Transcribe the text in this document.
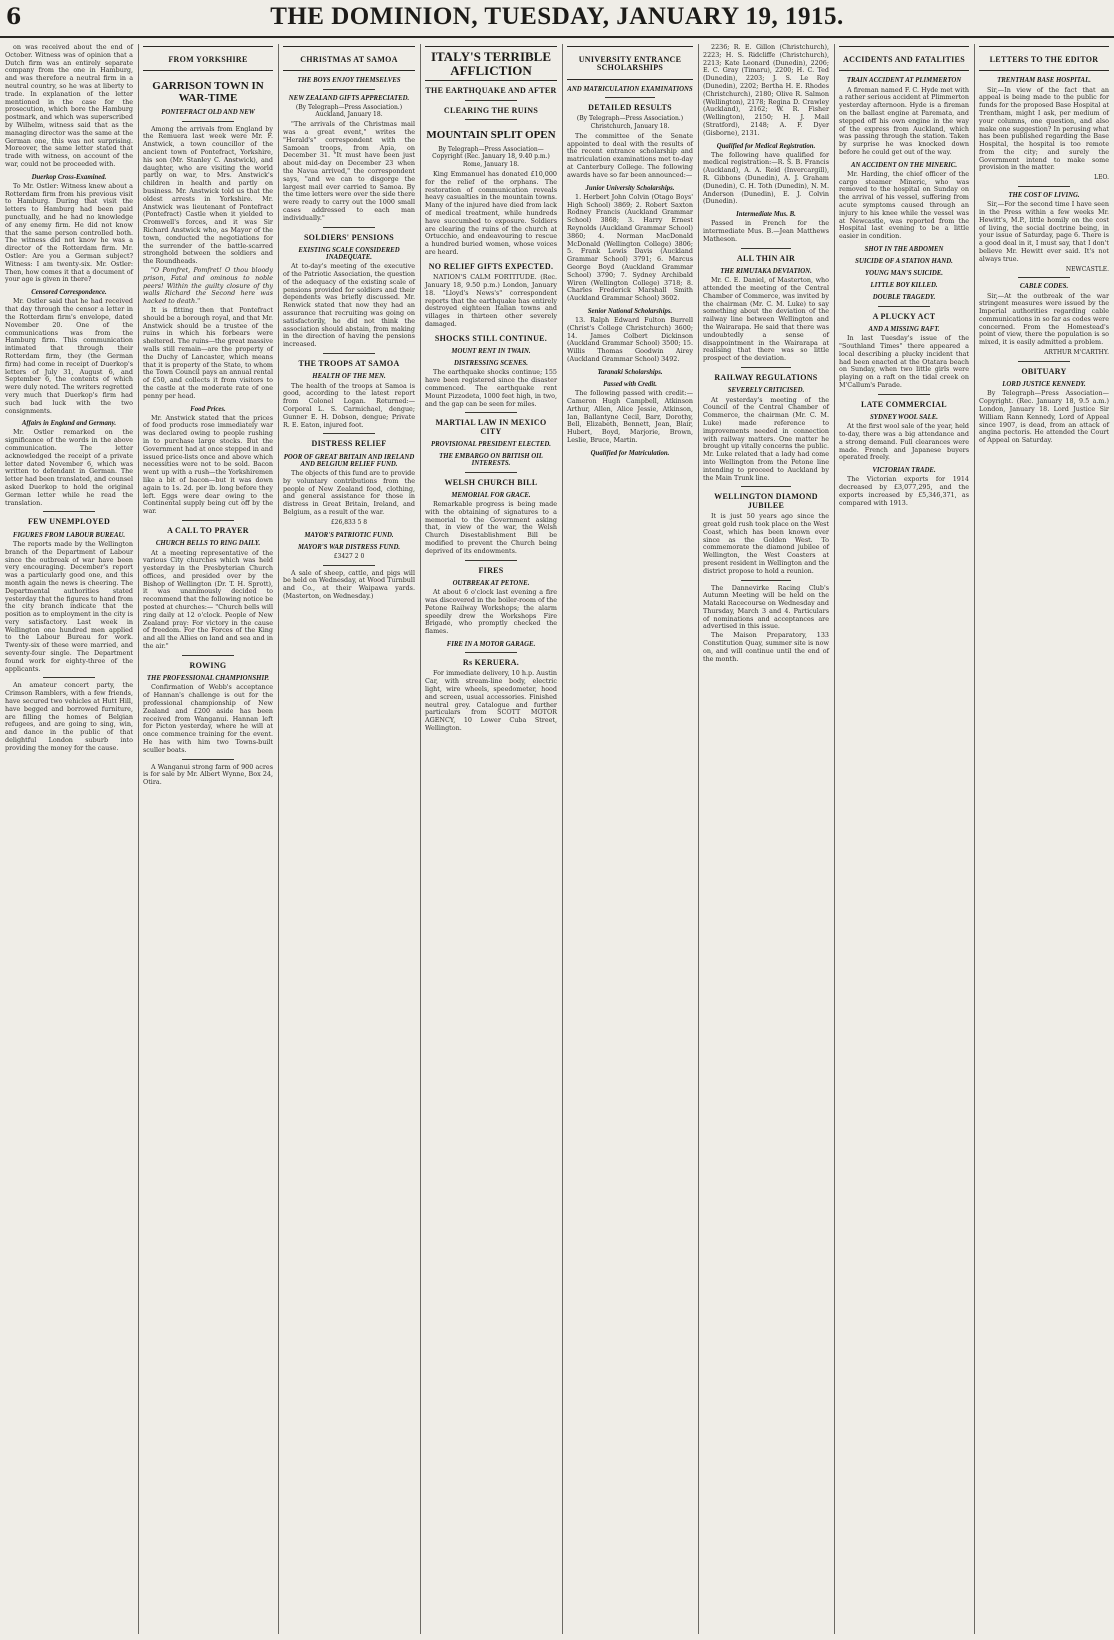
6	THE DOMINION, TUESDAY, JANUARY 19, 1915.

on was received about the end of October. Witness was of opinion that a Dutch firm was an entirely separate company from the one in Hamburg, and was therefore a neutral firm in a neutral country, so he was at liberty to trade. In explanation of the letter mentioned in the case for the prosecution, which bore the Hamburg postmark, and which was superscribed by Wilhelm, witness said that as the managing director was the same at the German one, this was not surprising. Moreover, the same letter stated that trade with witness, on account of the war, could not be proceeded with.

Duerkop Cross-Examined.

To Mr. Ostler: Witness knew about a Rotterdam firm from his previous visit to Hamburg. During that visit the letters to Hamburg had been paid punctually, and he had no knowledge of any enemy firm. He did not know that the same person controlled both. The witness did not know he was a director of the Rotterdam firm. Mr. Ostler: Are you a German subject? Witness: I am twenty-six. Mr. Ostler: Then, how comes it that a document of your age is given in there?

Censored Correspondence.

Mr. Ostler said that he had received that day through the censor a letter in the Rotterdam firm's envelope, dated November 20. One of the communications was from the Hamburg firm. This communication intimated that through their Rotterdam firm, they (the German firm) had come in receipt of Duerkop's letters of July 31, August 6, and September 6, the contents of which were duly noted. The writers regretted very much that Duerkop's firm had such bad luck with the two consignments.

Affairs in England and Germany.

Mr. Ostler remarked on the significance of the words in the above communication. The letter acknowledged the receipt of a private letter dated November 6, which was written to defendant in German. The letter had been translated, and counsel asked Duerkop to hold the original German letter while he read the translation.

FEW UNEMPLOYED
FIGURES FROM LABOUR BUREAU.

The reports made by the Wellington branch of the Department of Labour since the outbreak of war have been very encouraging. December's report was a particularly good one, and this month again the news is cheering. The Departmental authorities stated yesterday that the figures to hand from the city branch indicate that the position as to employment in the city is very satisfactory. Last week in Wellington one hundred men applied to the Labour Bureau for work. Twenty-six of these were married, and seventy-four single. The Department found work for eighty-three of the applicants.

An amateur concert party, the Crimson Ramblers, with a few friends, have secured two vehicles at Hutt Hill, have begged and borrowed furniture, are filling the homes of Belgian refugees, and are going to sing, win, and dance in the public of that delightful London suburb into providing the money for the cause.

FROM YORKSHIRE
GARRISON TOWN IN WAR-TIME
PONTEFRACT OLD AND NEW

Among the arrivals from England by the Remuera last week were Mr. F. Anstwick, a town councillor of the ancient town of Pontefract, Yorkshire, his son (Mr. Stanley C. Anstwick), and daughter, who are visiting the world partly on war, to Mrs. Anstwick's children in health and partly on business. Mr. Anstwick told us that the oldest arrests in Yorkshire. Mr. Anstwick was lieutenant of Pontefract (Pontefract) Castle when it yielded to Cromwell's forces, and it was Sir Richard Anstwick who, as Mayor of the town, conducted the negotiations for the surrender of the battle-scarred stronghold between the soldiers and the Roundheads.

"O Pomfret, Pomfret! O thou bloody prison, Fatal and ominous to noble peers! Within the guilty closure of thy walls Richard the Second here was hacked to death."

It is fitting then that Pontefract should be a borough royal, and that Mr. Anstwick should be a trustee of the ruins in which his forbears were sheltered. The ruins—the great massive walls still remain—are the property of the Duchy of Lancaster, which means that it is property of the State, to whom the Town Council pays an annual rental of £50, and collects it from visitors to the castle at the moderate rate of one penny per head.

Food Prices.

Mr. Anstwick stated that the prices of food products rose immediately war was declared owing to people rushing in to purchase large stocks. But the Government had at once stepped in and issued price-lists once and above which necessities were not to be sold. Bacon went up with a rush—the Yorkshiremen like a bit of bacon—but it was down again to 1s. 2d. per lb. long before they left. Eggs were dear owing to the Continental supply being cut off by the war.

A CALL TO PRAYER
CHURCH BELLS TO RING DAILY.

At a meeting representative of the various City churches which was held yesterday in the Presbyterian Church offices, and presided over by the Bishop of Wellington (Dr. T. H. Sprott), it was unanimously decided to recommend that the following notice be posted at churches:— "Church bells will ring daily at 12 o'clock. People of New Zealand pray: For victory in the cause of freedom. For the Forces of the King and all the Allies on land and sea and in the air."

ROWING
THE PROFESSIONAL CHAMPIONSHIP.

Confirmation of Webb's acceptance of Hannan's challenge is out for the professional championship of New Zealand and £200 aside has been received from Wanganui. Hannan left for Picton yesterday, where he will at once commence training for the event. He has with him two Towns-built sculler boats.

A Wanganui strong farm of 900 acres is for sale by Mr. Albert Wynne, Box 24, Otira.

CHRISTMAS AT SAMOA
THE BOYS ENJOY THEMSELVES
NEW ZEALAND GIFTS APPRECIATED.
(By Telegraph—Press Association.) Auckland, January 18.

"The arrivals of the Christmas mail was a great event," writes the "Herald's" correspondent with the Samoan troops, from Apia, on December 31. "It must have been just about mid-day on December 23 when the Navua arrived," the correspondent says, "and we can to disgorge the largest mail ever carried to Samoa. By the time letters were over the side there were ready to carry out the 1000 small cases addressed to each man individually."

SOLDIERS' PENSIONS
EXISTING SCALE CONSIDERED INADEQUATE.

At to-day's meeting of the executive of the Patriotic Association, the question of the adequacy of the existing scale of pensions provided for soldiers and their dependents was briefly discussed. Mr. Renwick stated that now they had an assurance that recruiting was going on satisfactorily, he did not think the association should abstain, from making in the direction of having the pensions increased.

THE TROOPS AT SAMOA
HEALTH OF THE MEN.

The health of the troops at Samoa is good, according to the latest report from Colonel Logan. Returned:—Corporal L. S. Carmichael, dengue; Gunner E. H. Dobson, dengue; Private R. E. Eaton, injured foot.

DISTRESS RELIEF
POOR OF GREAT BRITAIN AND IRELAND AND BELGIUM RELIEF FUND.

The objects of this fund are to provide by voluntary contributions from the people of New Zealand food, clothing, and general assistance for those in distress in Great Britain, Ireland, and Belgium, as a result of the war.

£26,833 5 8
MAYOR'S PATRIOTIC FUND.
MAYOR'S WAR DISTRESS FUND.
£3427 2 0

A sale of sheep, cattle, and pigs will be held on Wednesday, at Wood Turnbull and Co., at their Waipawa yards. (Masterton, on Wednesday.)

ITALY'S TERRIBLE AFFLICTION
THE EARTHQUAKE AND AFTER
CLEARING THE RUINS
MOUNTAIN SPLIT OPEN
By Telegraph—Press Association—Copyright (Rec. January 18, 9.40 p.m.) Rome, January 18.

King Emmanuel has donated £10,000 for the relief of the orphans. The restoration of communication reveals heavy casualties in the mountain towns. Many of the injured have died from lack of medical treatment, while hundreds have succumbed to exposure. Soldiers are clearing the ruins of the church at Ortucchio, and endeavouring to rescue a hundred buried women, whose voices are heard.

NO RELIEF GIFTS EXPECTED.

NATION'S CALM FORTITUDE. (Rec. January 18, 9.50 p.m.) London, January 18. "Lloyd's News's" correspondent reports that the earthquake has entirely destroyed eighteen Italian towns and villages in thirteen other severely damaged.

SHOCKS STILL CONTINUE.
MOUNT RENT IN TWAIN.
DISTRESSING SCENES.

The earthquake shocks continue; 155 have been registered since the disaster commenced. The earthquake rent Mount Pizzodeta, 1000 feet high, in two, and the gap can be seen for miles.

MARTIAL LAW IN MEXICO CITY
PROVISIONAL PRESIDENT ELECTED.
THE EMBARGO ON BRITISH OIL INTERESTS.
WELSH CHURCH BILL
MEMORIAL FOR GRACE.

Remarkable progress is being made with the obtaining of signatures to a memorial to the Government asking that, in view of the war, the Welsh Church Disestablishment Bill be modified to prevent the Church being deprived of its endowments.

FIRES
OUTBREAK AT PETONE.

At about 6 o'clock last evening a fire was discovered in the boiler-room of the Petone Railway Workshops; the alarm speedily drew the Workshops Fire Brigade, who promptly checked the flames.

FIRE IN A MOTOR GARAGE.
Rs KERUERA.

For immediate delivery, 10 h.p. Austin Car, with stream-line body, electric light, wire wheels, speedometer, hood and screen, usual accessories. Finished neutral grey. Catalogue and further particulars from SCOTT MOTOR AGENCY, 10 Lower Cuba Street, Wellington.

UNIVERSITY ENTRANCE SCHOLARSHIPS
AND MATRICULATION EXAMINATIONS
DETAILED RESULTS
(By Telegraph—Press Association.) Christchurch, January 18.

The committee of the Senate appointed to deal with the results of the recent entrance scholarship and matriculation examinations met to-day at Canterbury College. The following awards have so far been announced:—

Junior University Scholarships.

1. Herbert John Colvin (Otago Boys' High School) 3869; 2. Robert Saxton Rodney Francis (Auckland Grammar School) 3868; 3. Harry Ernest Reynolds (Auckland Grammar School) 3860; 4. Norman MacDonald McDonald (Wellington College) 3806; 5. Frank Lewis Davis (Auckland Grammar School) 3791; 6. Marcus George Boyd (Auckland Grammar School) 3790; 7. Sydney Archibald Wiren (Wellington College) 3718; 8. Charles Frederick Marshall Smith (Auckland Grammar School) 3602.

Senior National Scholarships.

13. Ralph Edward Fulton Burrell (Christ's College Christchurch) 3600; 14. James Colbert Dickinson (Auckland Grammar School) 3500; 15. Willis Thomas Goodwin Airey (Auckland Grammar School) 3492.

Taranaki Scholarships.
Passed with Credit.

The following passed with credit:—Cameron Hugh Campbell, Atkinson Arthur, Allen, Alice Jessie, Atkinson, Ian, Ballantyne Cecil, Barr, Dorothy, Bell, Elizabeth, Bennett, Jean, Blair, Hubert, Boyd, Marjorie, Brown, Leslie, Bruce, Martin.

Qualified for Matriculation.

2236; R. E. Gillon (Christchurch), 2223; H. S. Ridcliffe (Christchurch), 2213; Kate Leonard (Dunedin), 2206; E. C. Gray (Timaru), 2200; H. C. Ted (Dunedin), 2203; J. S. Le Roy (Dunedin), 2202; Bertha H. E. Rhodes (Christchurch), 2180; Olive R. Salmon (Wellington), 2178; Regina D. Crawley (Auckland), 2162; W. R. Fisher (Wellington), 2150; H. J. Mail (Stratford), 2148; A. F. Dyer (Gisborne), 2131.

Qualified for Medical Registration.

The following have qualified for medical registration:—R. S. B. Francis (Auckland), A. A. Reid (Invercargill), R. Gibbons (Dunedin), A. J. Graham (Dunedin), C. H. Toth (Dunedin), N. M. Anderson (Dunedin), E. J. Colvin (Dunedin).

Intermediate Mus. B.

Passed in French for the intermediate Mus. B.—Jean Matthews Matheson.

ALL THIN AIR
THE RIMUTAKA DEVIATION.

Mr. C. E. Daniel, of Masterton, who attended the meeting of the Central Chamber of Commerce, was invited by the chairman (Mr. C. M. Luke) to say something about the deviation of the railway line between Wellington and the Wairarapa. He said that there was undoubtedly a sense of disappointment in the Wairarapa at realising that there was so little prospect of the deviation.

RAILWAY REGULATIONS
SEVERELY CRITICISED.

At yesterday's meeting of the Council of the Central Chamber of Commerce, the chairman (Mr. C. M. Luke) made reference to improvements needed in connection with railway matters. One matter he brought up vitally concerns the public. Mr. Luke related that a lady had come into Wellington from the Petone line intending to proceed to Auckland by the Main Trunk line.

WELLINGTON DIAMOND JUBILEE

It is just 50 years ago since the great gold rush took place on the West Coast, which has been known ever since as the Golden West. To commemorate the diamond jubilee of Wellington, the West Coasters at present resident in Wellington and the district propose to hold a reunion.

The Dannevirke Racing Club's Autumn Meeting will be held on the Mataki Racecourse on Wednesday and Thursday, March 3 and 4. Particulars of nominations and acceptances are advertised in this issue.

The Maison Preparatory, 133 Constitution Quay, summer site is now on, and will continue until the end of the month.

ACCIDENTS AND FATALITIES
TRAIN ACCIDENT AT PLIMMERTON

A fireman named F. C. Hyde met with a rather serious accident at Plimmerton yesterday afternoon. Hyde is a fireman on the ballast engine at Paremata, and stepped off his own engine in the way of the express from Auckland, which was passing through the station. Taken by surprise he was knocked down before he could get out of the way.

AN ACCIDENT ON THE MINERIC.

Mr. Harding, the chief officer of the cargo steamer Mineric, who was removed to the hospital on Sunday on the arrival of his vessel, suffering from acute symptoms caused through an injury to his knee while the vessel was at Newcastle, was reported from the Hospital last evening to be a little easier in condition.

SHOT IN THE ABDOMEN
SUICIDE OF A STATION HAND.
YOUNG MAN'S SUICIDE.
LITTLE BOY KILLED.
DOUBLE TRAGEDY.
A PLUCKY ACT
AND A MISSING RAFT.

In last Tuesday's issue of the "Southland Times" there appeared a local describing a plucky incident that had been enacted at the Otatara beach on Sunday, when two little girls were playing on a raft on the tidal creek on M'Callum's Parade.

LATE COMMERCIAL
SYDNEY WOOL SALE.

At the first wool sale of the year, held to-day, there was a big attendance and a strong demand. Full clearances were made. French and Japanese buyers operated freely.

VICTORIAN TRADE.

The Victorian exports for 1914 decreased by £3,077,295, and the exports increased by £5,346,371, as compared with 1913.

LETTERS TO THE EDITOR
TRENTHAM BASE HOSPITAL.

Sir,—In view of the fact that an appeal is being made to the public for funds for the proposed Base Hospital at Trentham, might I ask, per medium of your columns, one question, and also make one suggestion? In perusing what has been published regarding the Base Hospital, the hospital is too remote from the city; and surely the Government intend to make some provision in the matter.

LEO.
THE COST OF LIVING.

Sir,—For the second time I have seen in the Press within a few weeks Mr. Hewitt's, M.P., little homily on the cost of living, the social doctrine being, in your issue of Saturday, page 6. There is a good deal in it, I must say, that I don't believe Mr. Hewitt ever said. It's not always true.

NEWCASTLE.
CABLE CODES.

Sir,—At the outbreak of the war stringent measures were issued by the Imperial authorities regarding cable communications in so far as codes were concerned. From the Homestead's point of view, there the population is so mixed, it is easily admitted a problem.

ARTHUR M'CARTHY.
OBITUARY
LORD JUSTICE KENNEDY.

By Telegraph—Press Association—Copyright. (Rec. January 18, 9.5 a.m.) London, January 18. Lord Justice Sir William Rann Kennedy, Lord of Appeal since 1907, is dead, from an attack of angina pectoris. He attended the Court of Appeal on Saturday.
